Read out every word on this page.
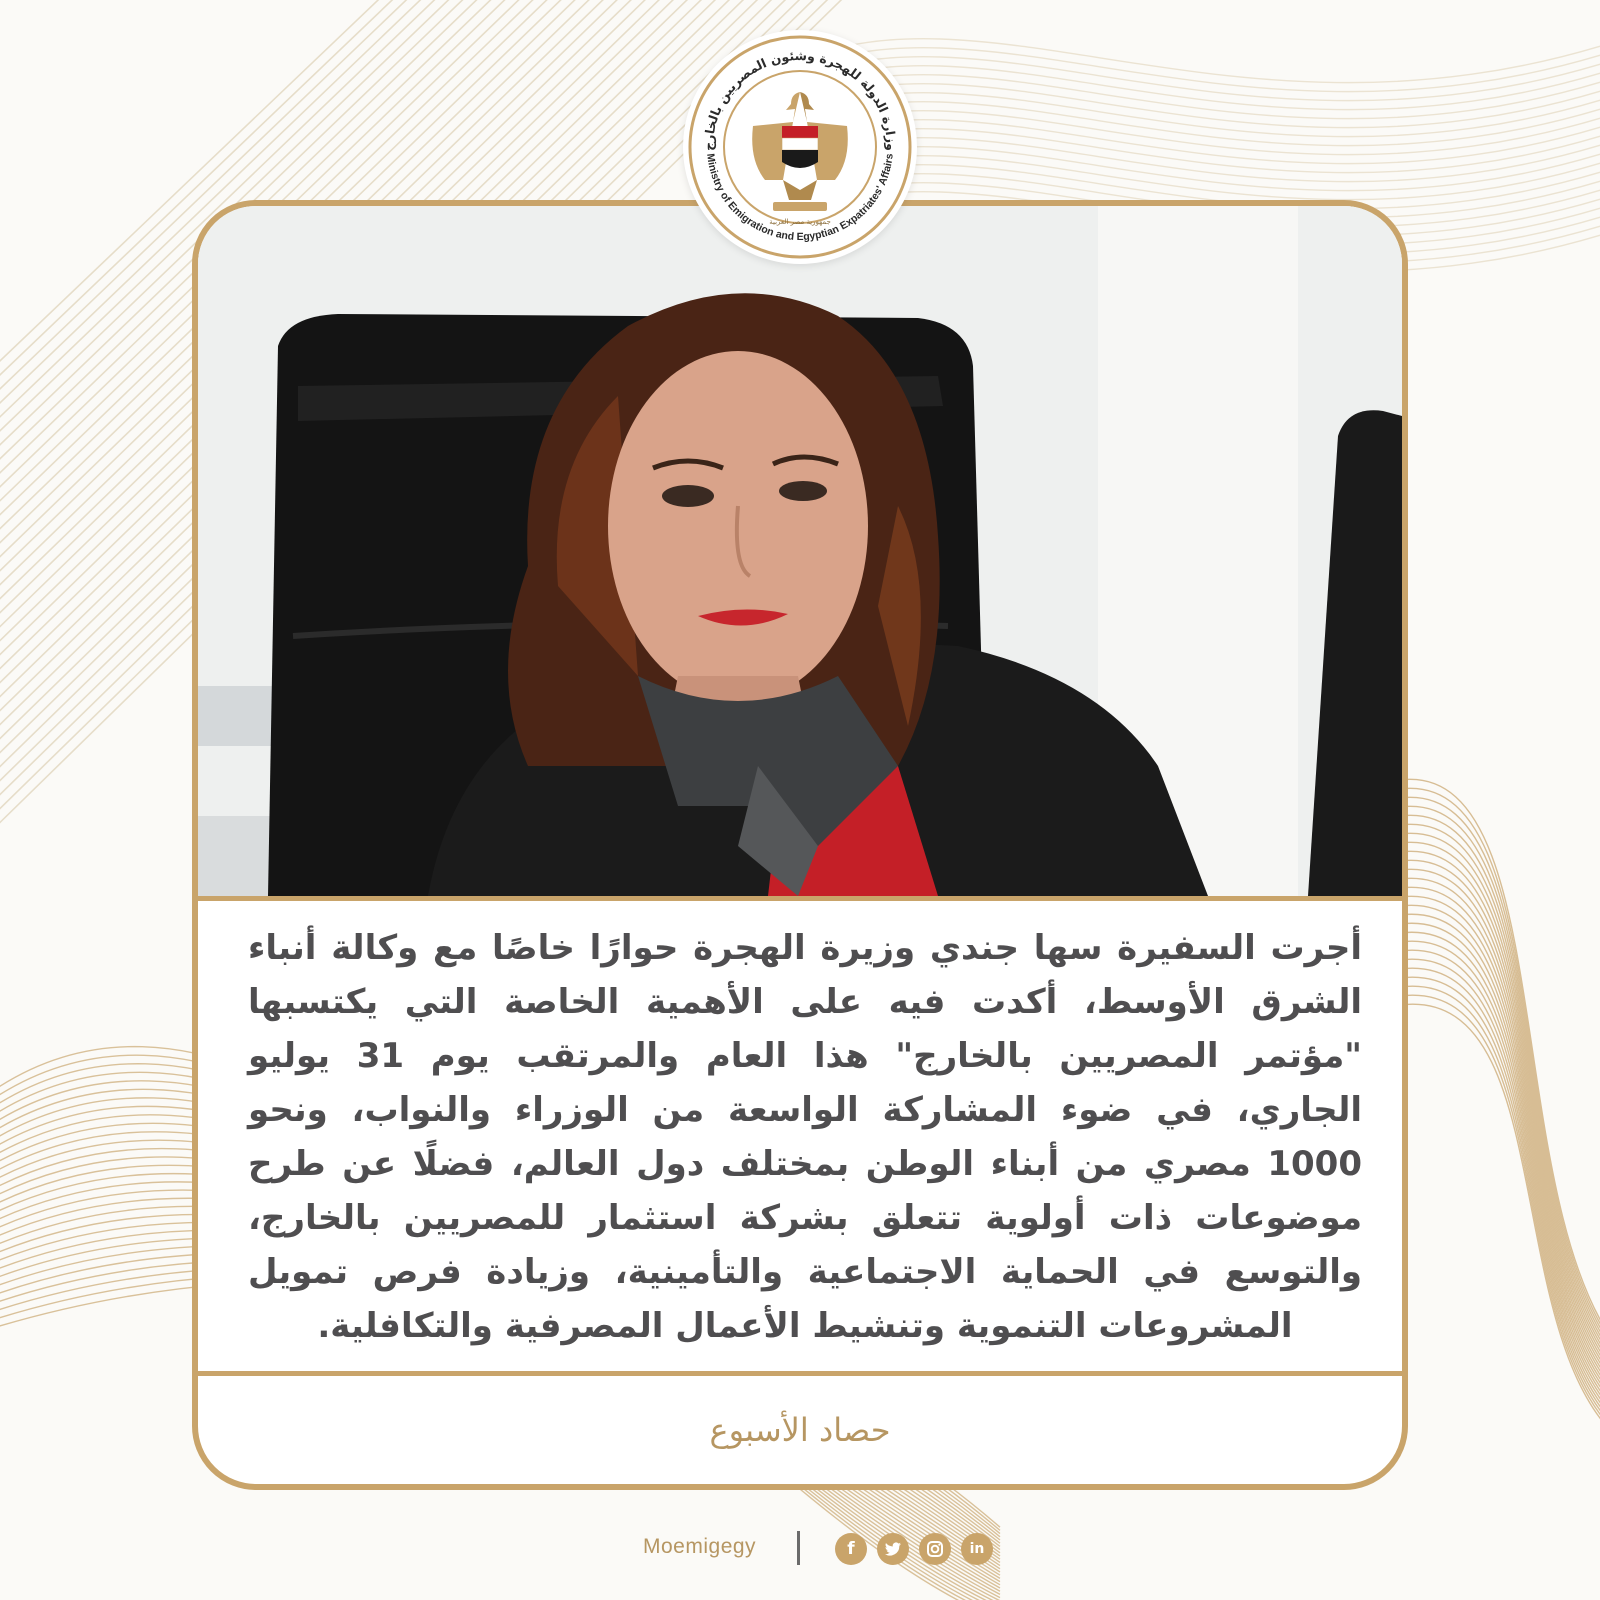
أجرت السفيرة سها جندي وزيرة الهجرة حوارًا خاصًا مع وكالة أنباء الشرق الأوسط، أكدت فيه على الأهمية الخاصة التي يكتسبها "مؤتمر المصريين بالخارج" هذا العام والمرتقب يوم 31 يوليو الجاري، في ضوء المشاركة الواسعة من الوزراء والنواب، ونحو 1000 مصري من أبناء الوطن بمختلف دول العالم، فضلًا عن طرح موضوعات ذات أولوية تتعلق بشركة استثمار للمصريين بالخارج، والتوسع في الحماية الاجتماعية والتأمينية، وزيادة فرص تمويل المشروعات التنموية وتنشيط الأعمال المصرفية والتكافلية.
حصاد الأسبوع
وزارة الدولة للهجرة وشئون المصريين بالخارج
Ministry of Emigration and Egyptian Expatriates' Affairs
جمهورية مصر العربية
Moemigegy	f	in
